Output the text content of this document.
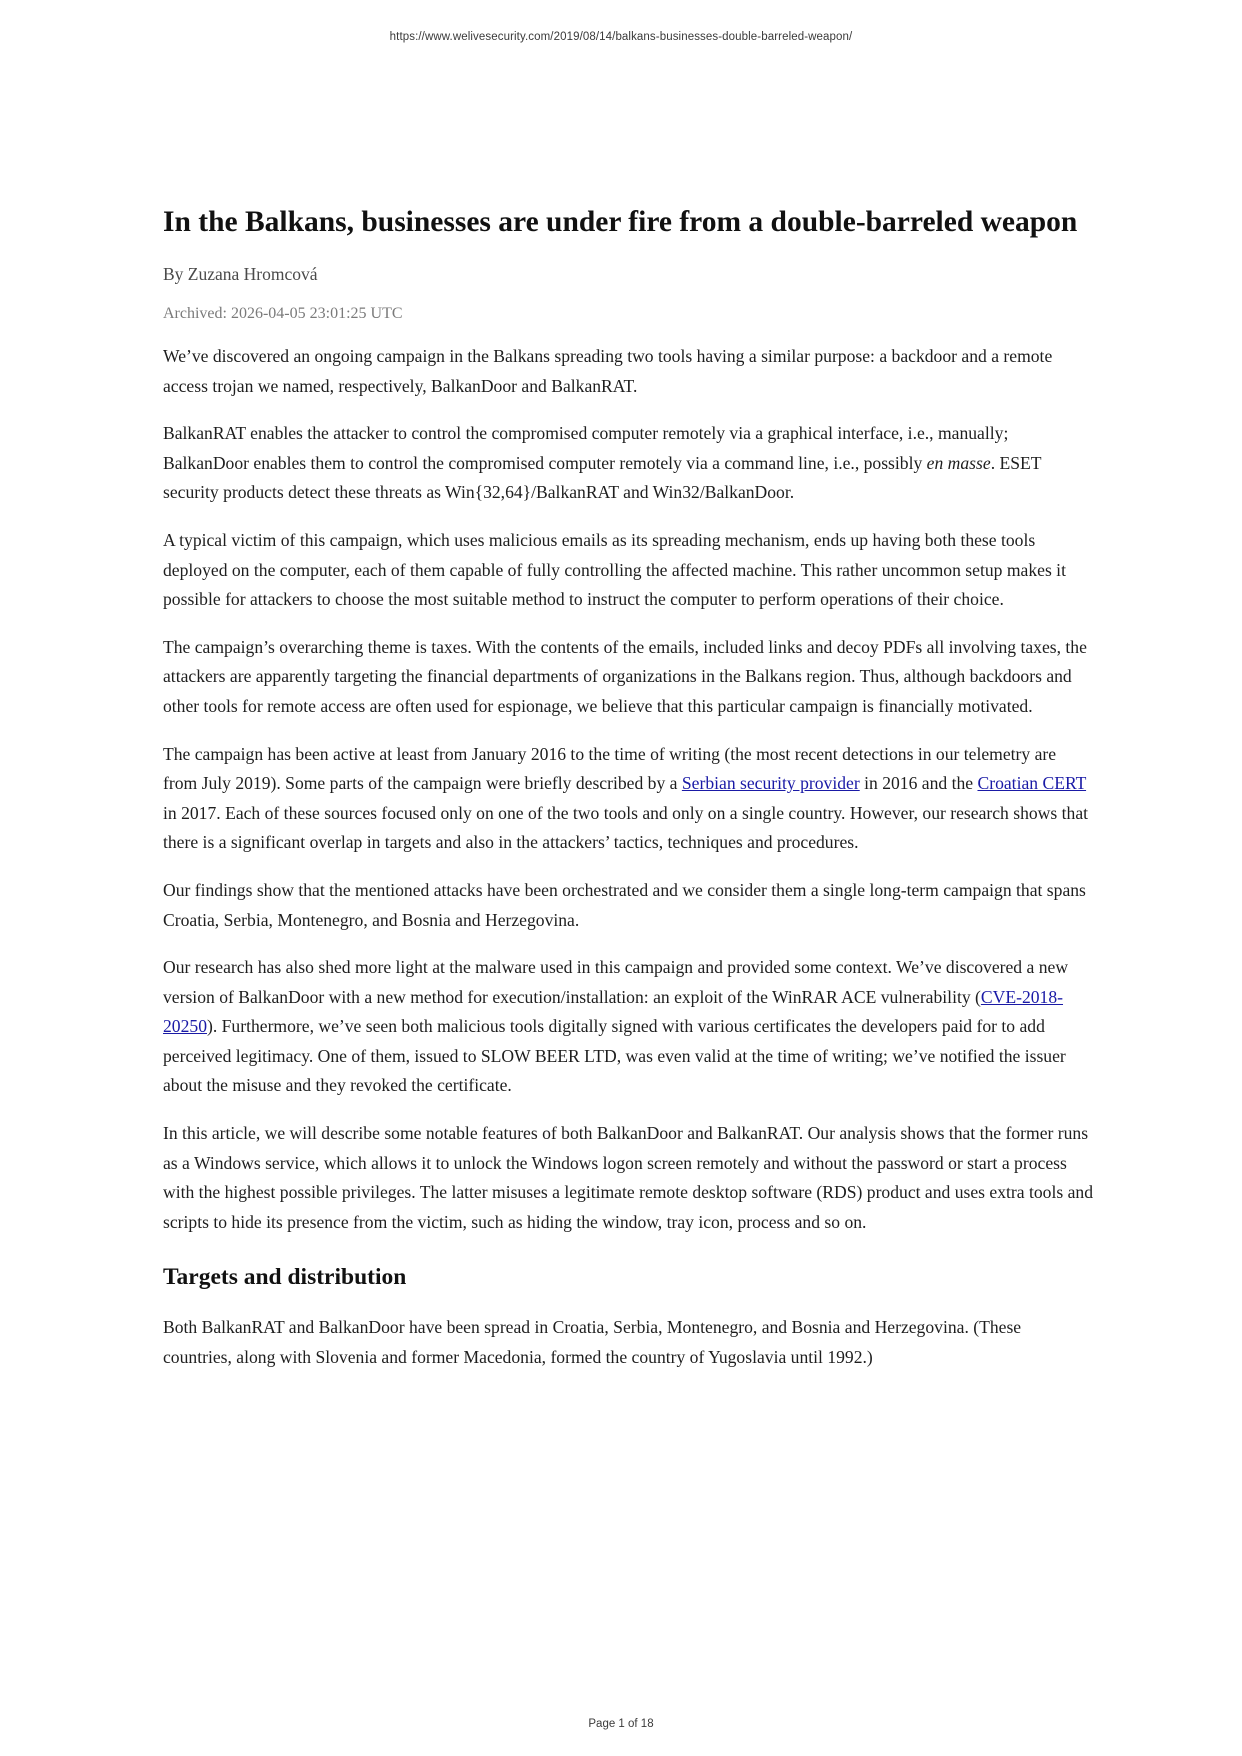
https://www.welivesecurity.com/2019/08/14/balkans-businesses-double-barreled-weapon/
In the Balkans, businesses are under fire from a double-barreled weapon
By Zuzana Hromcová
Archived: 2026-04-05 23:01:25 UTC

We’ve discovered an ongoing campaign in the Balkans spreading two tools having a similar purpose: a backdoor and a remote access trojan we named, respectively, BalkanDoor and BalkanRAT.

BalkanRAT enables the attacker to control the compromised computer remotely via a graphical interface, i.e., manually; BalkanDoor enables them to control the compromised computer remotely via a command line, i.e., possibly en masse. ESET security products detect these threats as Win{32,64}/BalkanRAT and Win32/BalkanDoor.

A typical victim of this campaign, which uses malicious emails as its spreading mechanism, ends up having both these tools deployed on the computer, each of them capable of fully controlling the affected machine. This rather uncommon setup makes it possible for attackers to choose the most suitable method to instruct the computer to perform operations of their choice.

The campaign’s overarching theme is taxes. With the contents of the emails, included links and decoy PDFs all involving taxes, the attackers are apparently targeting the financial departments of organizations in the Balkans region. Thus, although backdoors and other tools for remote access are often used for espionage, we believe that this particular campaign is financially motivated.

The campaign has been active at least from January 2016 to the time of writing (the most recent detections in our telemetry are from July 2019). Some parts of the campaign were briefly described by a Serbian security provider in 2016 and the Croatian CERT in 2017. Each of these sources focused only on one of the two tools and only on a single country. However, our research shows that there is a significant overlap in targets and also in the attackers’ tactics, techniques and procedures.

Our findings show that the mentioned attacks have been orchestrated and we consider them a single long-term campaign that spans Croatia, Serbia, Montenegro, and Bosnia and Herzegovina.

Our research has also shed more light at the malware used in this campaign and provided some context. We’ve discovered a new version of BalkanDoor with a new method for execution/installation: an exploit of the WinRAR ACE vulnerability (CVE-2018-20250). Furthermore, we’ve seen both malicious tools digitally signed with various certificates the developers paid for to add perceived legitimacy. One of them, issued to SLOW BEER LTD, was even valid at the time of writing; we’ve notified the issuer about the misuse and they revoked the certificate.

In this article, we will describe some notable features of both BalkanDoor and BalkanRAT. Our analysis shows that the former runs as a Windows service, which allows it to unlock the Windows logon screen remotely and without the password or start a process with the highest possible privileges. The latter misuses a legitimate remote desktop software (RDS) product and uses extra tools and scripts to hide its presence from the victim, such as hiding the window, tray icon, process and so on.

Targets and distribution

Both BalkanRAT and BalkanDoor have been spread in Croatia, Serbia, Montenegro, and Bosnia and Herzegovina. (These countries, along with Slovenia and former Macedonia, formed the country of Yugoslavia until 1992.)

Page 1 of 18
